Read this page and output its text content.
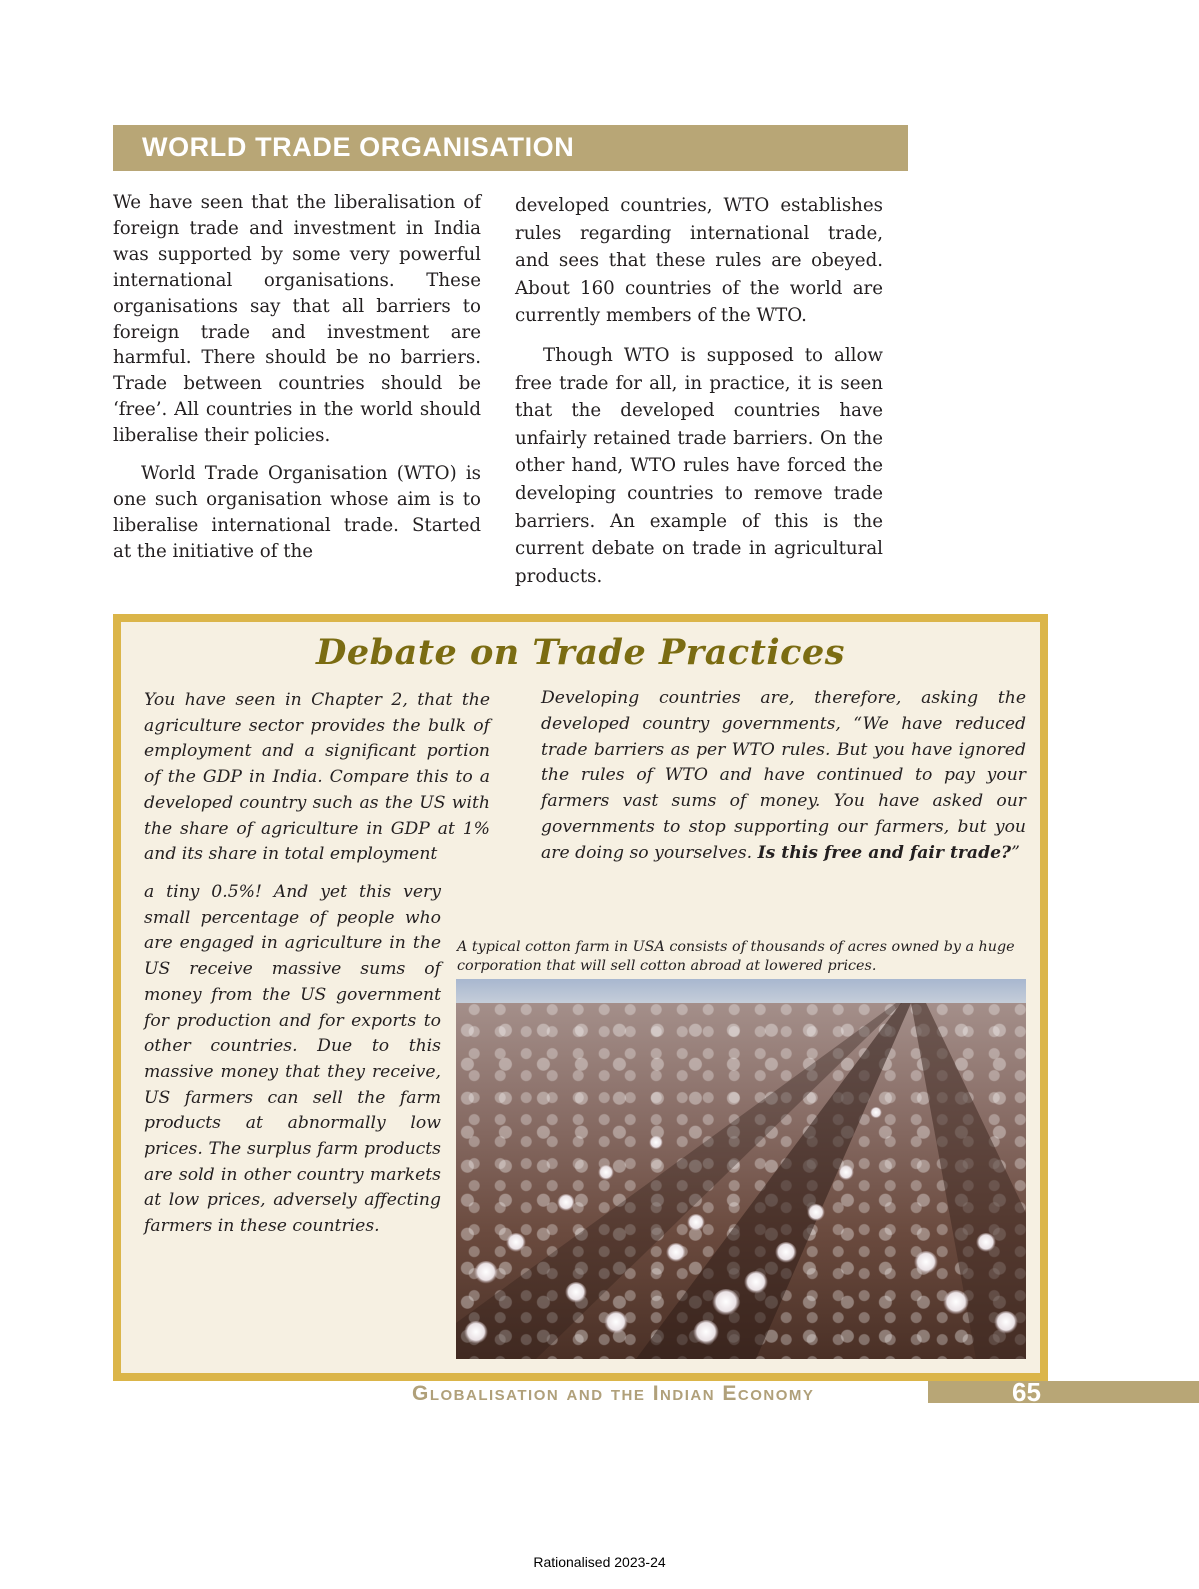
WORLD TRADE ORGANISATION

We have seen that the liberalisation of foreign trade and investment in India was supported by some very powerful international organisations. These organisations say that all barriers to foreign trade and investment are harmful. There should be no barriers. Trade between countries should be ‘free’. All countries in the world should liberalise their policies.

World Trade Organisation (WTO) is one such organisation whose aim is to liberalise international trade. Started at the initiative of the

developed countries, WTO establishes rules regarding international trade, and sees that these rules are obeyed. About 160 countries of the world are currently members of the WTO.

Though WTO is supposed to allow free trade for all, in practice, it is seen that the developed countries have unfairly retained trade barriers. On the other hand, WTO rules have forced the developing countries to remove trade barriers. An example of this is the current debate on trade in agricultural products.

Debate on Trade Practices
You have seen in Chapter 2, that the agriculture sector provides the bulk of employment and a significant portion of the GDP in India. Compare this to a developed country such as the US with the share of agriculture in GDP at 1% and its share in total employment
a tiny 0.5%! And yet this very small percentage of people who are engaged in agriculture in the US receive massive sums of money from the US government for production and for exports to other countries. Due to this massive money that they receive, US farmers can sell the farm products at abnormally low prices. The surplus farm products are sold in other country markets at low prices, adversely affecting farmers in these countries.
Developing countries are, therefore, asking the developed country governments, “We have reduced trade barriers as per WTO rules. But you have ignored the rules of WTO and have continued to pay your farmers vast sums of money. You have asked our governments to stop supporting our farmers, but you are doing so yourselves. Is this free and fair trade?”
A typical cotton farm in USA consists of thousands of acres owned by a huge corporation that will sell cotton abroad at lowered prices.
Globalisation and the Indian Economy	65
Rationalised 2023-24
